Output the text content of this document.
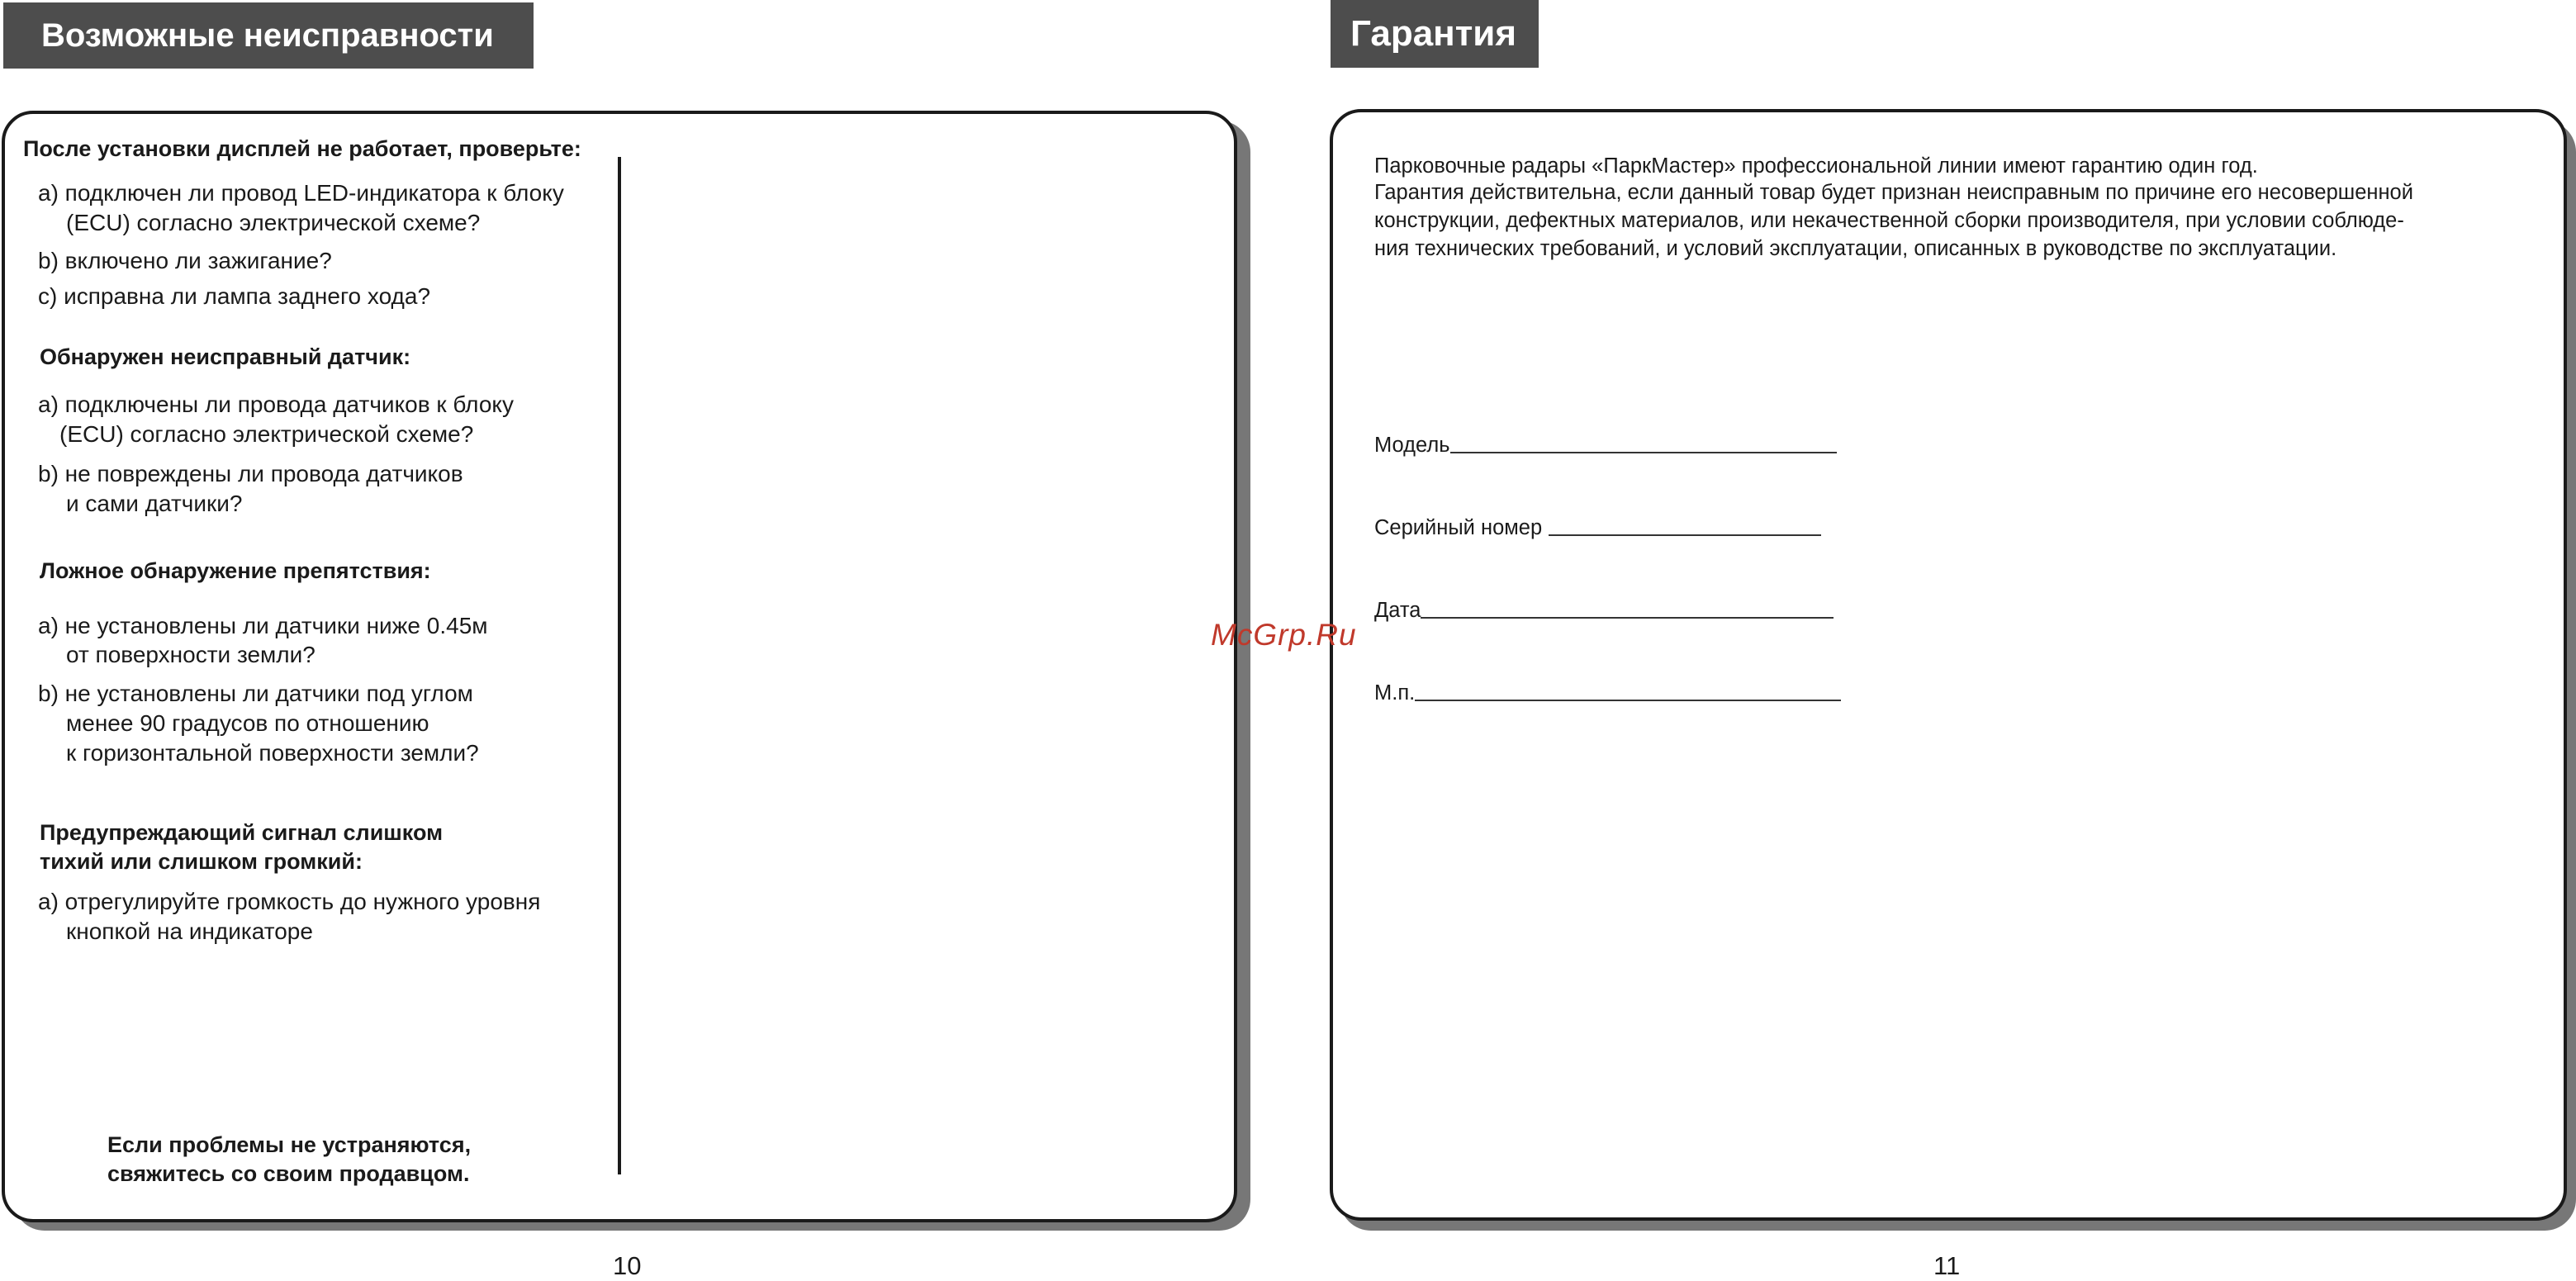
Возможные неисправности
После установки дисплей не работает, проверьте:
a) подключен ли провод LED-индикатора к блоку
(ECU) согласно электрической схеме?
b) включено ли зажигание?
c) исправна ли лампа заднего хода?
Обнаружен неисправный датчик:
a) подключены ли провода датчиков к блоку
(ECU) согласно электрической схеме?
b) не повреждены ли провода датчиков
и сами датчики?
Ложное обнаружение препятствия:
a) не установлены ли датчики ниже 0.45м
от поверхности земли?
b) не установлены ли датчики под углом
менее 90 градусов по отношению
к горизонтальной поверхности земли?
Предупреждающий сигнал слишком
тихий или слишком громкий:
a) отрегулируйте громкость до нужного уровня
кнопкой на индикаторе
Если проблемы не устраняются,
свяжитесь со своим продавцом.
10
Гарантия
Парковочные радары «ПаркМастер» профессиональной линии имеют гарантию один год.
Гарантия действительна, если данный товар будет признан неисправным по причине его несовершенной
конструкции, дефектных материалов, или некачественной сборки производителя, при условии соблюде-
ния технических требований, и условий эксплуатации, описанных в руководстве по эксплуатации.
Модель
Серийный номер
Дата
М.п.
11
McGrp.Ru
